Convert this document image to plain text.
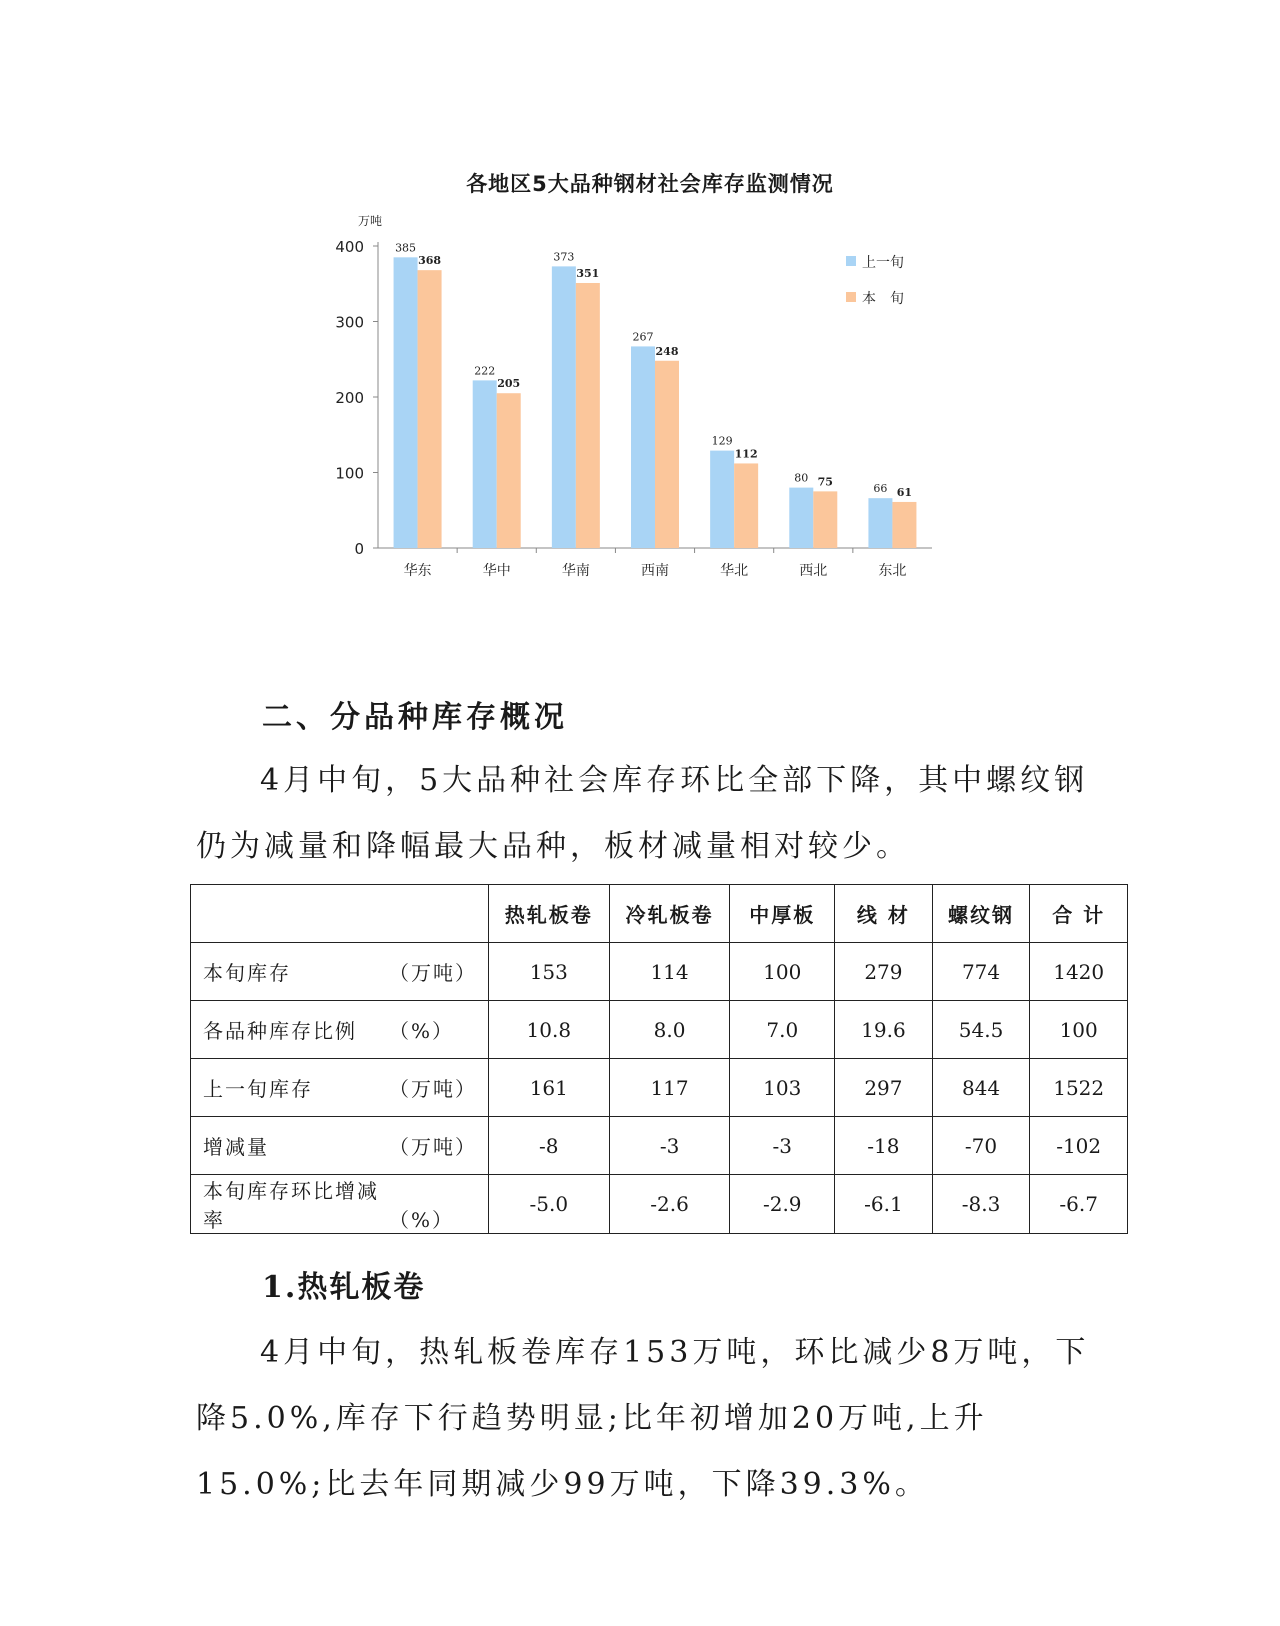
0
100
200
300
400
华东
385
368
华中
222
205
华南
373
351
西南
267
248
华北
129
112
西北
80 75
东北
66 61
上一旬
本　旬
各地区5大品种钢材社会库存监测情况
万吨
二、分品种库存概况
4月中旬，5大品种社会库存环比全部下降，其中螺纹钢仍为减量和降幅最大品种，板材减量相对较少。
	热轧板卷	冷轧板卷	中厚板	线 材	螺纹钢	合 计
本旬库存 （万吨）	153	114	100	279	774	1420
各品种库存比例 （%）	10.8	8.0	7.0	19.6	54.5	100
上一旬库存 （万吨）	161	117	103	297	844	1522
增减量 （万吨）	-8	-3	-3	-18	-70	-102
本旬库存环比增减率 （%）	-5.0	-2.6	-2.9	-6.1	-8.3	-6.7
1.热轧板卷
4月中旬，热轧板卷库存153万吨，环比减少8万吨，下降5.0%,库存下行趋势明显;比年初增加20万吨,上升15.0%;比去年同期减少99万吨，下降39.3%。
